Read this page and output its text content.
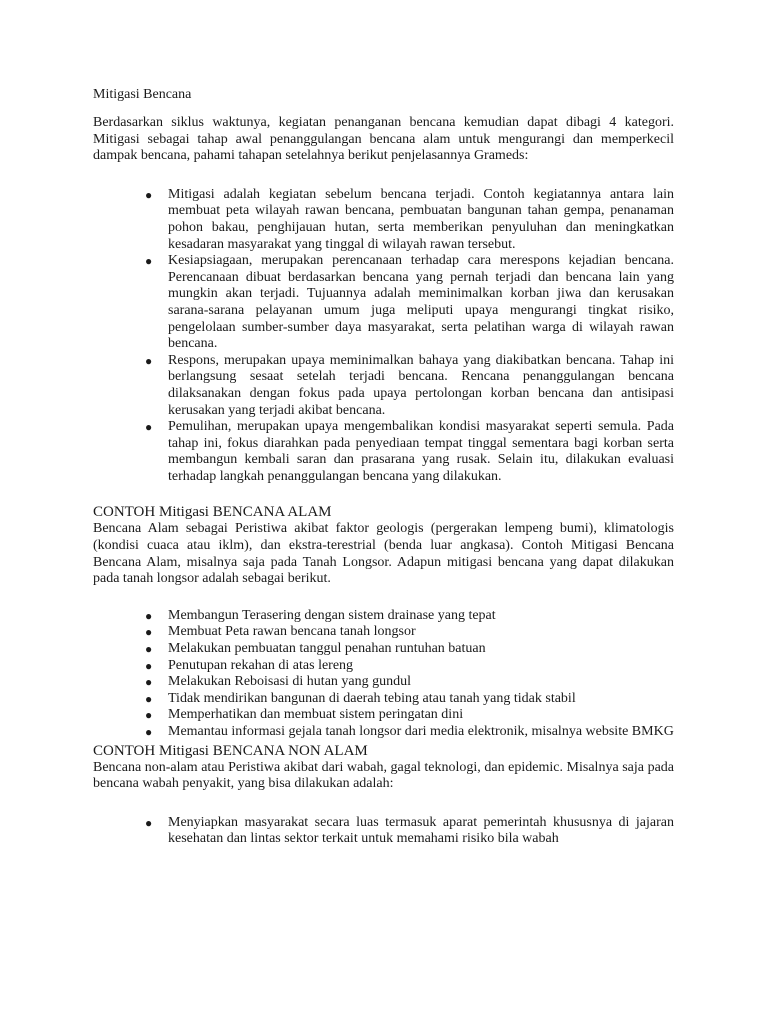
Mitigasi Bencana

Berdasarkan siklus waktunya, kegiatan penanganan bencana kemudian dapat dibagi 4 kategori. Mitigasi sebagai tahap awal penanggulangan bencana alam untuk mengurangi dan memperkecil dampak bencana, pahami tahapan setelahnya berikut penjelasannya Grameds:

● Mitigasi adalah kegiatan sebelum bencana terjadi. Contoh kegiatannya antara lain membuat peta wilayah rawan bencana, pembuatan bangunan tahan gempa, penanaman pohon bakau, penghijauan hutan, serta memberikan penyuluhan dan meningkatkan kesadaran masyarakat yang tinggal di wilayah rawan tersebut.
● Kesiapsiagaan, merupakan perencanaan terhadap cara merespons kejadian bencana. Perencanaan dibuat berdasarkan bencana yang pernah terjadi dan bencana lain yang mungkin akan terjadi. Tujuannya adalah meminimalkan korban jiwa dan kerusakan sarana-sarana pelayanan umum juga meliputi upaya mengurangi tingkat risiko, pengelolaan sumber-sumber daya masyarakat, serta pelatihan warga di wilayah rawan bencana.
● Respons, merupakan upaya meminimalkan bahaya yang diakibatkan bencana. Tahap ini berlangsung sesaat setelah terjadi bencana. Rencana penanggulangan bencana dilaksanakan dengan fokus pada upaya pertolongan korban bencana dan antisipasi kerusakan yang terjadi akibat bencana.
● Pemulihan, merupakan upaya mengembalikan kondisi masyarakat seperti semula. Pada tahap ini, fokus diarahkan pada penyediaan tempat tinggal sementara bagi korban serta membangun kembali saran dan prasarana yang rusak. Selain itu, dilakukan evaluasi terhadap langkah penanggulangan bencana yang dilakukan.
CONTOH Mitigasi BENCANA ALAM

Bencana Alam sebagai Peristiwa akibat faktor geologis (pergerakan lempeng bumi), klimatologis (kondisi cuaca atau iklm), dan ekstra-terestrial (benda luar angkasa). Contoh Mitigasi Bencana Bencana Alam, misalnya saja pada Tanah Longsor. Adapun mitigasi bencana yang dapat dilakukan pada tanah longsor adalah sebagai berikut.

● Membangun Terasering dengan sistem drainase yang tepat
● Membuat Peta rawan bencana tanah longsor
● Melakukan pembuatan tanggul penahan runtuhan batuan
● Penutupan rekahan di atas lereng
● Melakukan Reboisasi di hutan yang gundul
● Tidak mendirikan bangunan di daerah tebing atau tanah yang tidak stabil
● Memperhatikan dan membuat sistem peringatan dini
● Memantau informasi gejala tanah longsor dari media elektronik, misalnya website BMKG
CONTOH Mitigasi BENCANA NON ALAM

Bencana non-alam atau Peristiwa akibat dari wabah, gagal teknologi, dan epidemic. Misalnya saja pada bencana wabah penyakit, yang bisa dilakukan adalah:

● Menyiapkan masyarakat secara luas termasuk aparat pemerintah khususnya di jajaran kesehatan dan lintas sektor terkait untuk memahami risiko bila wabah
